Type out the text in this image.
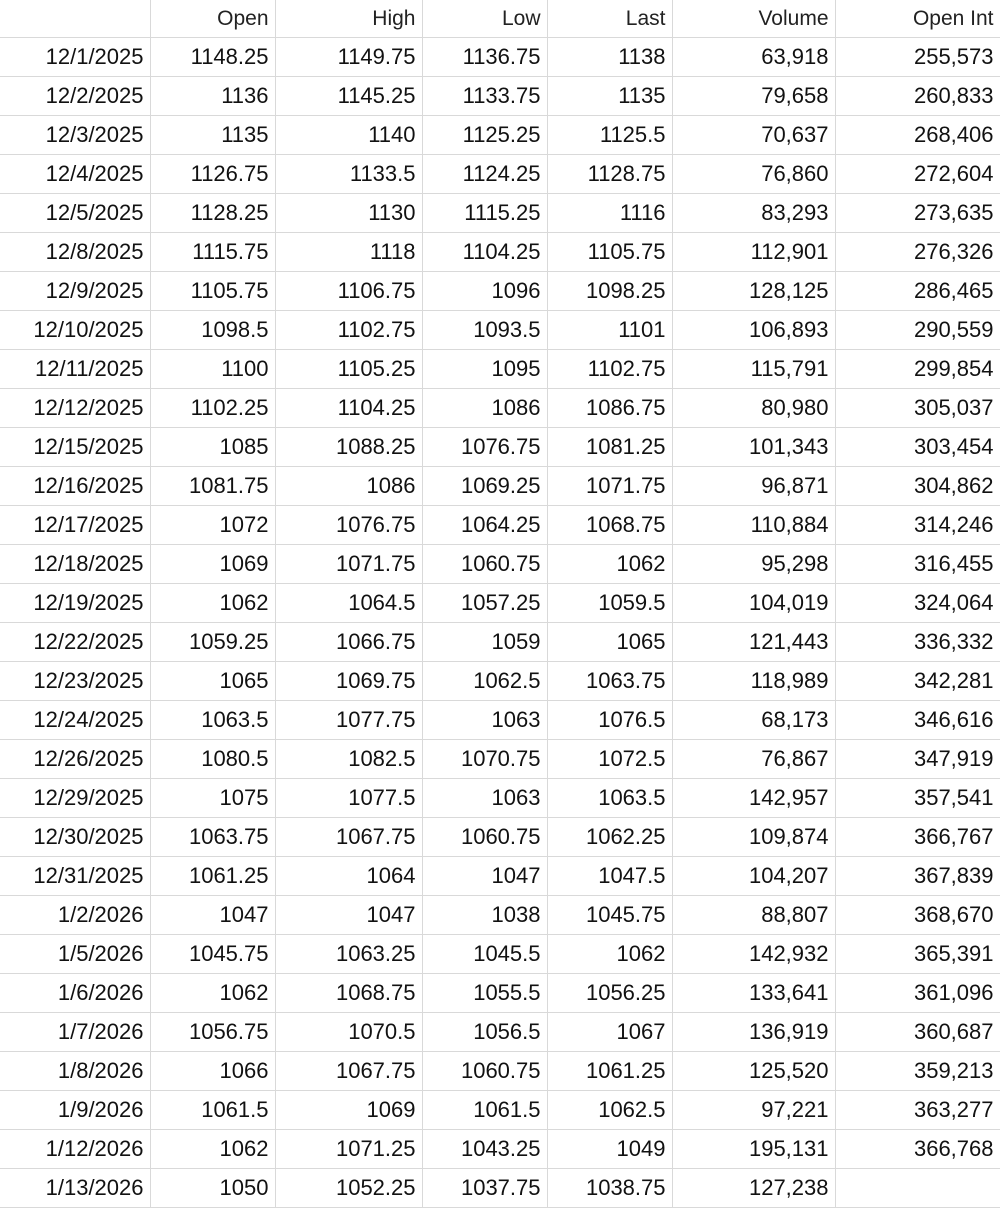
	Open	High	Low	Last	Volume	Open Int
12/1/2025	1148.25	1149.75	1136.75	1138	63,918	255,573
12/2/2025	1136	1145.25	1133.75	1135	79,658	260,833
12/3/2025	1135	1140	1125.25	1125.5	70,637	268,406
12/4/2025	1126.75	1133.5	1124.25	1128.75	76,860	272,604
12/5/2025	1128.25	1130	1115.25	1116	83,293	273,635
12/8/2025	1115.75	1118	1104.25	1105.75	112,901	276,326
12/9/2025	1105.75	1106.75	1096	1098.25	128,125	286,465
12/10/2025	1098.5	1102.75	1093.5	1101	106,893	290,559
12/11/2025	1100	1105.25	1095	1102.75	115,791	299,854
12/12/2025	1102.25	1104.25	1086	1086.75	80,980	305,037
12/15/2025	1085	1088.25	1076.75	1081.25	101,343	303,454
12/16/2025	1081.75	1086	1069.25	1071.75	96,871	304,862
12/17/2025	1072	1076.75	1064.25	1068.75	110,884	314,246
12/18/2025	1069	1071.75	1060.75	1062	95,298	316,455
12/19/2025	1062	1064.5	1057.25	1059.5	104,019	324,064
12/22/2025	1059.25	1066.75	1059	1065	121,443	336,332
12/23/2025	1065	1069.75	1062.5	1063.75	118,989	342,281
12/24/2025	1063.5	1077.75	1063	1076.5	68,173	346,616
12/26/2025	1080.5	1082.5	1070.75	1072.5	76,867	347,919
12/29/2025	1075	1077.5	1063	1063.5	142,957	357,541
12/30/2025	1063.75	1067.75	1060.75	1062.25	109,874	366,767
12/31/2025	1061.25	1064	1047	1047.5	104,207	367,839
1/2/2026	1047	1047	1038	1045.75	88,807	368,670
1/5/2026	1045.75	1063.25	1045.5	1062	142,932	365,391
1/6/2026	1062	1068.75	1055.5	1056.25	133,641	361,096
1/7/2026	1056.75	1070.5	1056.5	1067	136,919	360,687
1/8/2026	1066	1067.75	1060.75	1061.25	125,520	359,213
1/9/2026	1061.5	1069	1061.5	1062.5	97,221	363,277
1/12/2026	1062	1071.25	1043.25	1049	195,131	366,768
1/13/2026	1050	1052.25	1037.75	1038.75	127,238	
